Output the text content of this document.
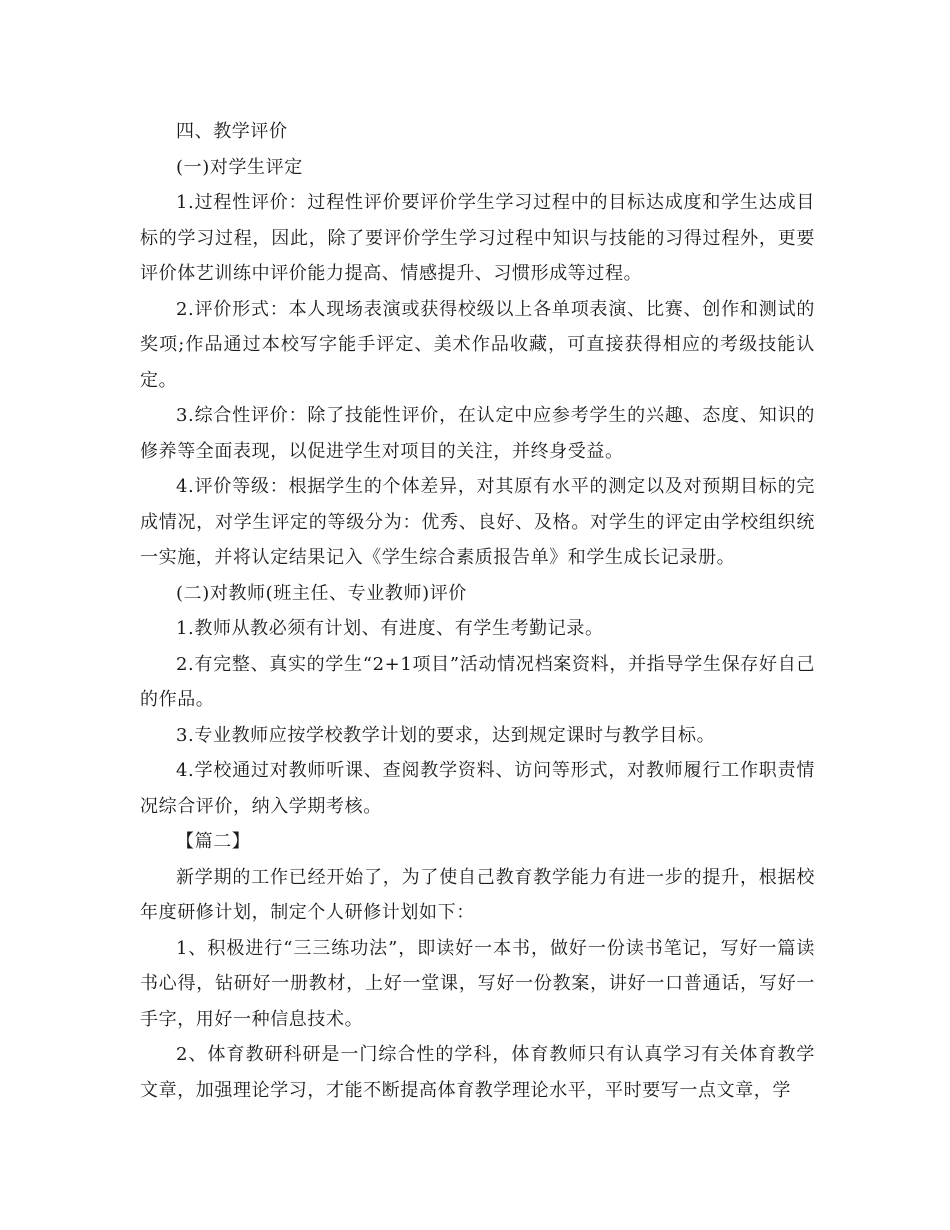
四、教学评价

(一)对学生评定

1.过程性评价：过程性评价要评价学生学习过程中的目标达成度和学生达成目标的学习过程，因此，除了要评价学生学习过程中知识与技能的习得过程外，更要评价体艺训练中评价能力提高、情感提升、习惯形成等过程。

2.评价形式：本人现场表演或获得校级以上各单项表演、比赛、创作和测试的奖项;作品通过本校写字能手评定、美术作品收藏，可直接获得相应的考级技能认定。

3.综合性评价：除了技能性评价，在认定中应参考学生的兴趣、态度、知识的修养等全面表现，以促进学生对项目的关注，并终身受益。

4.评价等级：根据学生的个体差异，对其原有水平的测定以及对预期目标的完成情况，对学生评定的等级分为：优秀、良好、及格。对学生的评定由学校组织统一实施，并将认定结果记入《学生综合素质报告单》和学生成长记录册。

(二)对教师(班主任、专业教师)评价

1.教师从教必须有计划、有进度、有学生考勤记录。

2.有完整、真实的学生“2+1项目”活动情况档案资料，并指导学生保存好自己的作品。

3.专业教师应按学校教学计划的要求，达到规定课时与教学目标。

4.学校通过对教师听课、查阅教学资料、访问等形式，对教师履行工作职责情况综合评价，纳入学期考核。

【篇二】

新学期的工作已经开始了，为了使自己教育教学能力有进一步的提升，根据校年度研修计划，制定个人研修计划如下：

1、积极进行“三三练功法”，即读好一本书，做好一份读书笔记，写好一篇读书心得，钻研好一册教材，上好一堂课，写好一份教案，讲好一口普通话，写好一手字，用好一种信息技术。

2、体育教研科研是一门综合性的学科，体育教师只有认真学习有关体育教学文章，加强理论学习，才能不断提高体育教学理论水平，平时要写一点文章，学
